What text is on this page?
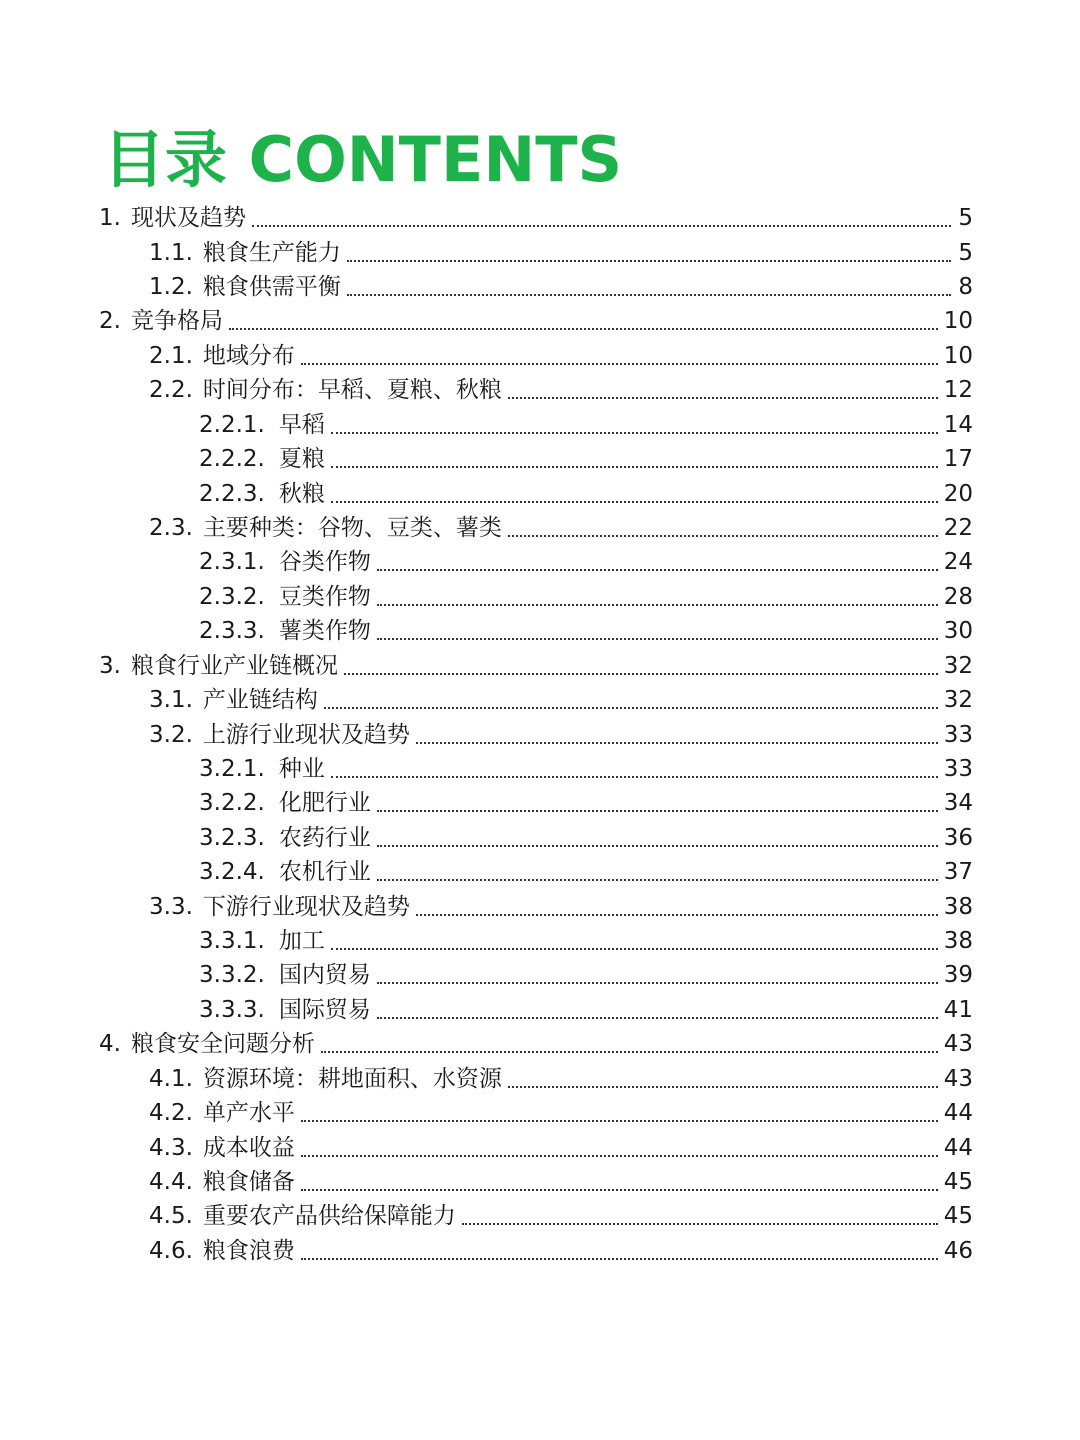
目录 CONTENTS
1. 现状及趋势	5
1.1. 粮食生产能力	5
1.2. 粮食供需平衡	8
2. 竞争格局	10
2.1. 地域分布	10
2.2. 时间分布：早稻、夏粮、秋粮	12
2.2.1. 早稻	14
2.2.2. 夏粮	17
2.2.3. 秋粮	20
2.3. 主要种类：谷物、豆类、薯类	22
2.3.1. 谷类作物	24
2.3.2. 豆类作物	28
2.3.3. 薯类作物	30
3. 粮食行业产业链概况	32
3.1. 产业链结构	32
3.2. 上游行业现状及趋势	33
3.2.1. 种业	33
3.2.2. 化肥行业	34
3.2.3. 农药行业	36
3.2.4. 农机行业	37
3.3. 下游行业现状及趋势	38
3.3.1. 加工	38
3.3.2. 国内贸易	39
3.3.3. 国际贸易	41
4. 粮食安全问题分析	43
4.1. 资源环境：耕地面积、水资源	43
4.2. 单产水平	44
4.3. 成本收益	44
4.4. 粮食储备	45
4.5. 重要农产品供给保障能力	45
4.6. 粮食浪费	46
